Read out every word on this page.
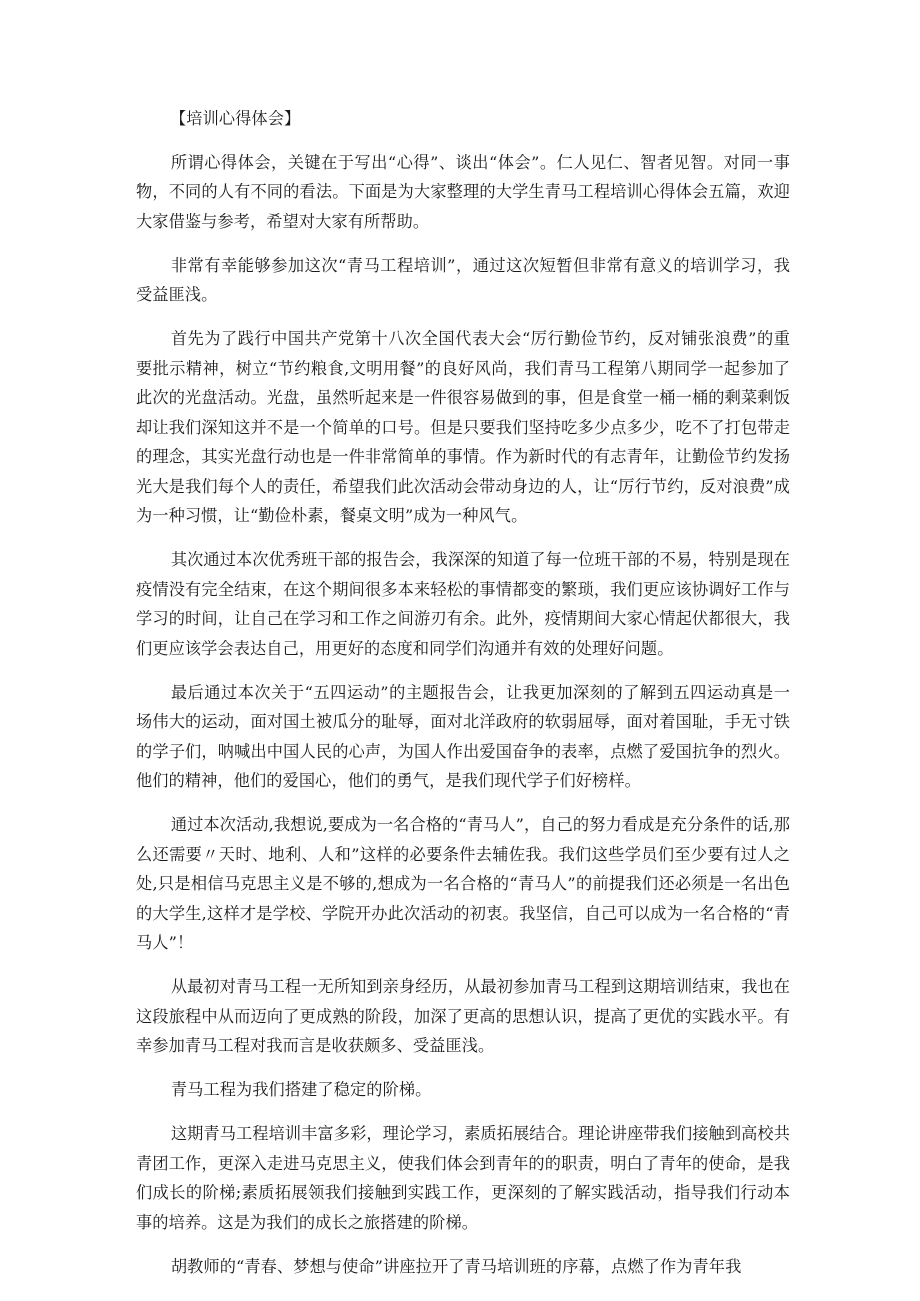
【培训心得体会】

所谓心得体会，关键在于写出“心得”、谈出“体会”。仁人见仁、智者见智。对同一事物，不同的人有不同的看法。下面是为大家整理的大学生青马工程培训心得体会五篇，欢迎大家借鉴与参考，希望对大家有所帮助。

非常有幸能够参加这次“青马工程培训”，通过这次短暂但非常有意义的培训学习，我受益匪浅。

首先为了践行中国共产党第十八次全国代表大会“厉行勤俭节约，反对铺张浪费”的重要批示精神，树立“节约粮食,文明用餐”的良好风尚，我们青马工程第八期同学一起参加了此次的光盘活动。光盘，虽然听起来是一件很容易做到的事，但是食堂一桶一桶的剩菜剩饭却让我们深知这并不是一个简单的口号。但是只要我们坚持吃多少点多少，吃不了打包带走的理念，其实光盘行动也是一件非常简单的事情。作为新时代的有志青年，让勤俭节约发扬光大是我们每个人的责任，希望我们此次活动会带动身边的人，让“厉行节约，反对浪费”成为一种习惯，让“勤俭朴素，餐桌文明”成为一种风气。

其次通过本次优秀班干部的报告会，我深深的知道了每一位班干部的不易，特别是现在疫情没有完全结束，在这个期间很多本来轻松的事情都变的繁琐，我们更应该协调好工作与学习的时间，让自己在学习和工作之间游刃有余。此外，疫情期间大家心情起伏都很大，我们更应该学会表达自己，用更好的态度和同学们沟通并有效的处理好问题。

最后通过本次关于“五四运动”的主题报告会，让我更加深刻的了解到五四运动真是一场伟大的运动，面对国土被瓜分的耻辱，面对北洋政府的软弱屈辱，面对着国耻，手无寸铁的学子们，呐喊出中国人民的心声，为国人作出爱国奋争的表率，点燃了爱国抗争的烈火。他们的精神，他们的爱国心，他们的勇气，是我们现代学子们好榜样。

通过本次活动,我想说,要成为一名合格的“青马人”，自己的努力看成是充分条件的话,那么还需要〃天时、地利、人和”这样的必要条件去辅佐我。我们这些学员们至少要有过人之处,只是相信马克思主义是不够的,想成为一名合格的“青马人”的前提我们还必须是一名出色的大学生,这样才是学校、学院开办此次活动的初衷。我坚信，自己可以成为一名合格的“青马人”！

从最初对青马工程一无所知到亲身经历，从最初参加青马工程到这期培训结束，我也在这段旅程中从而迈向了更成熟的阶段，加深了更高的思想认识，提高了更优的实践水平。有幸参加青马工程对我而言是收获颇多、受益匪浅。

青马工程为我们搭建了稳定的阶梯。

这期青马工程培训丰富多彩，理论学习，素质拓展结合。理论讲座带我们接触到高校共青团工作，更深入走进马克思主义，使我们体会到青年的的职责，明白了青年的使命，是我们成长的阶梯;素质拓展领我们接触到实践工作，更深刻的了解实践活动，指导我们行动本事的培养。这是为我们的成长之旅搭建的阶梯。

胡教师的“青春、梦想与使命”讲座拉开了青马培训班的序幕，点燃了作为青年我
